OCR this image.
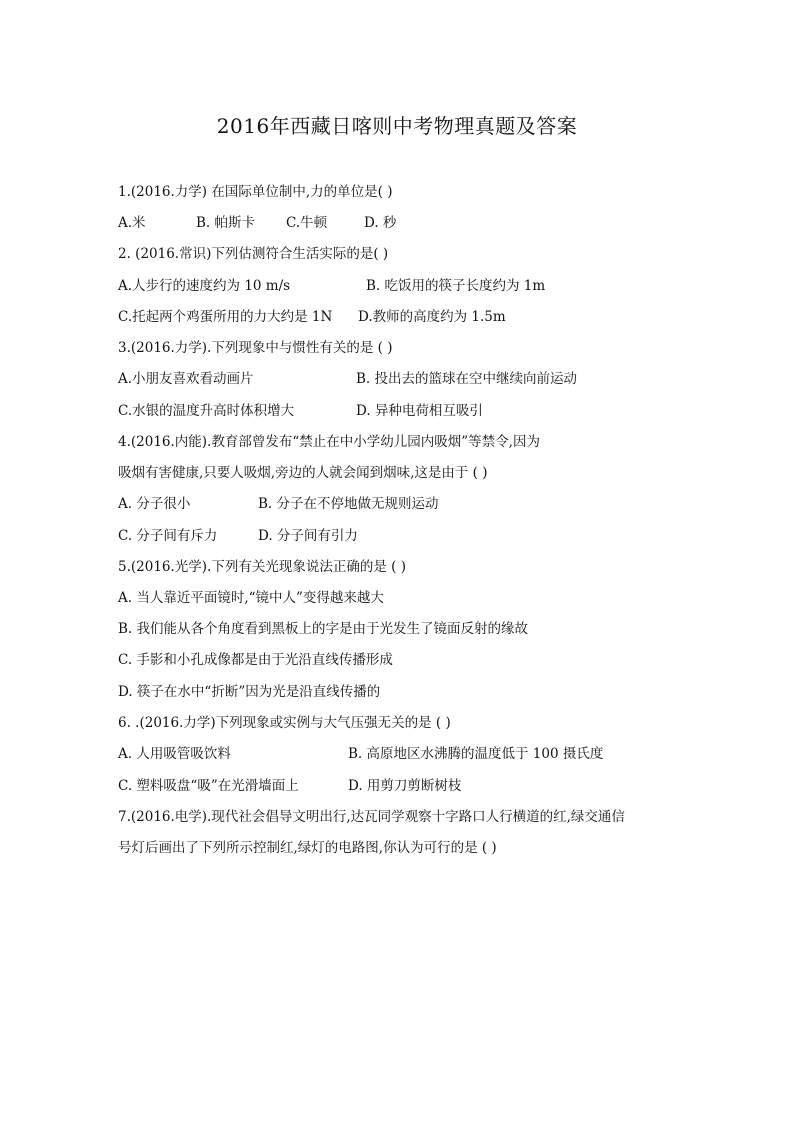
2016年西藏日喀则中考物理真题及答案
1.(2016.力学) 在国际单位制中,力的单位是( )
A.米	B. 帕斯卡 C.牛顿	D. 秒
2. (2016.常识)下列估测符合生活实际的是( )
A.人步行的速度约为 10 m/s	B. 吃饭用的筷子长度约为 1m
C.托起两个鸡蛋所用的力大约是 1N D.教师的高度约为 1.5m
3.(2016.力学).下列现象中与惯性有关的是 ( )
A.小朋友喜欢看动画片	B. 投出去的篮球在空中继续向前运动
C.水银的温度升高时体积增大	D. 异种电荷相互吸引
4.(2016.内能).教育部曾发布“禁止在中小学幼儿园内吸烟”等禁令,因为
吸烟有害健康,只要人吸烟,旁边的人就会闻到烟味,这是由于 ( )
A. 分子很小	B. 分子在不停地做无规则运动
C. 分子间有斥力	D. 分子间有引力
5.(2016.光学).下列有关光现象说法正确的是 ( )
A. 当人靠近平面镜时,“镜中人”变得越来越大
B. 我们能从各个角度看到黑板上的字是由于光发生了镜面反射的缘故
C. 手影和小孔成像都是由于光沿直线传播形成
D. 筷子在水中“折断”因为光是沿直线传播的
6. .(2016.力学)下列现象或实例与大气压强无关的是 ( )
A. 人用吸管吸饮料	B. 高原地区水沸腾的温度低于 100 摄氏度
C. 塑料吸盘“吸”在光滑墙面上	D. 用剪刀剪断树枝
7.(2016.电学).现代社会倡导文明出行,达瓦同学观察十字路口人行横道的红,绿交通信
号灯后画出了下列所示控制红,绿灯的电路图,你认为可行的是 ( )
